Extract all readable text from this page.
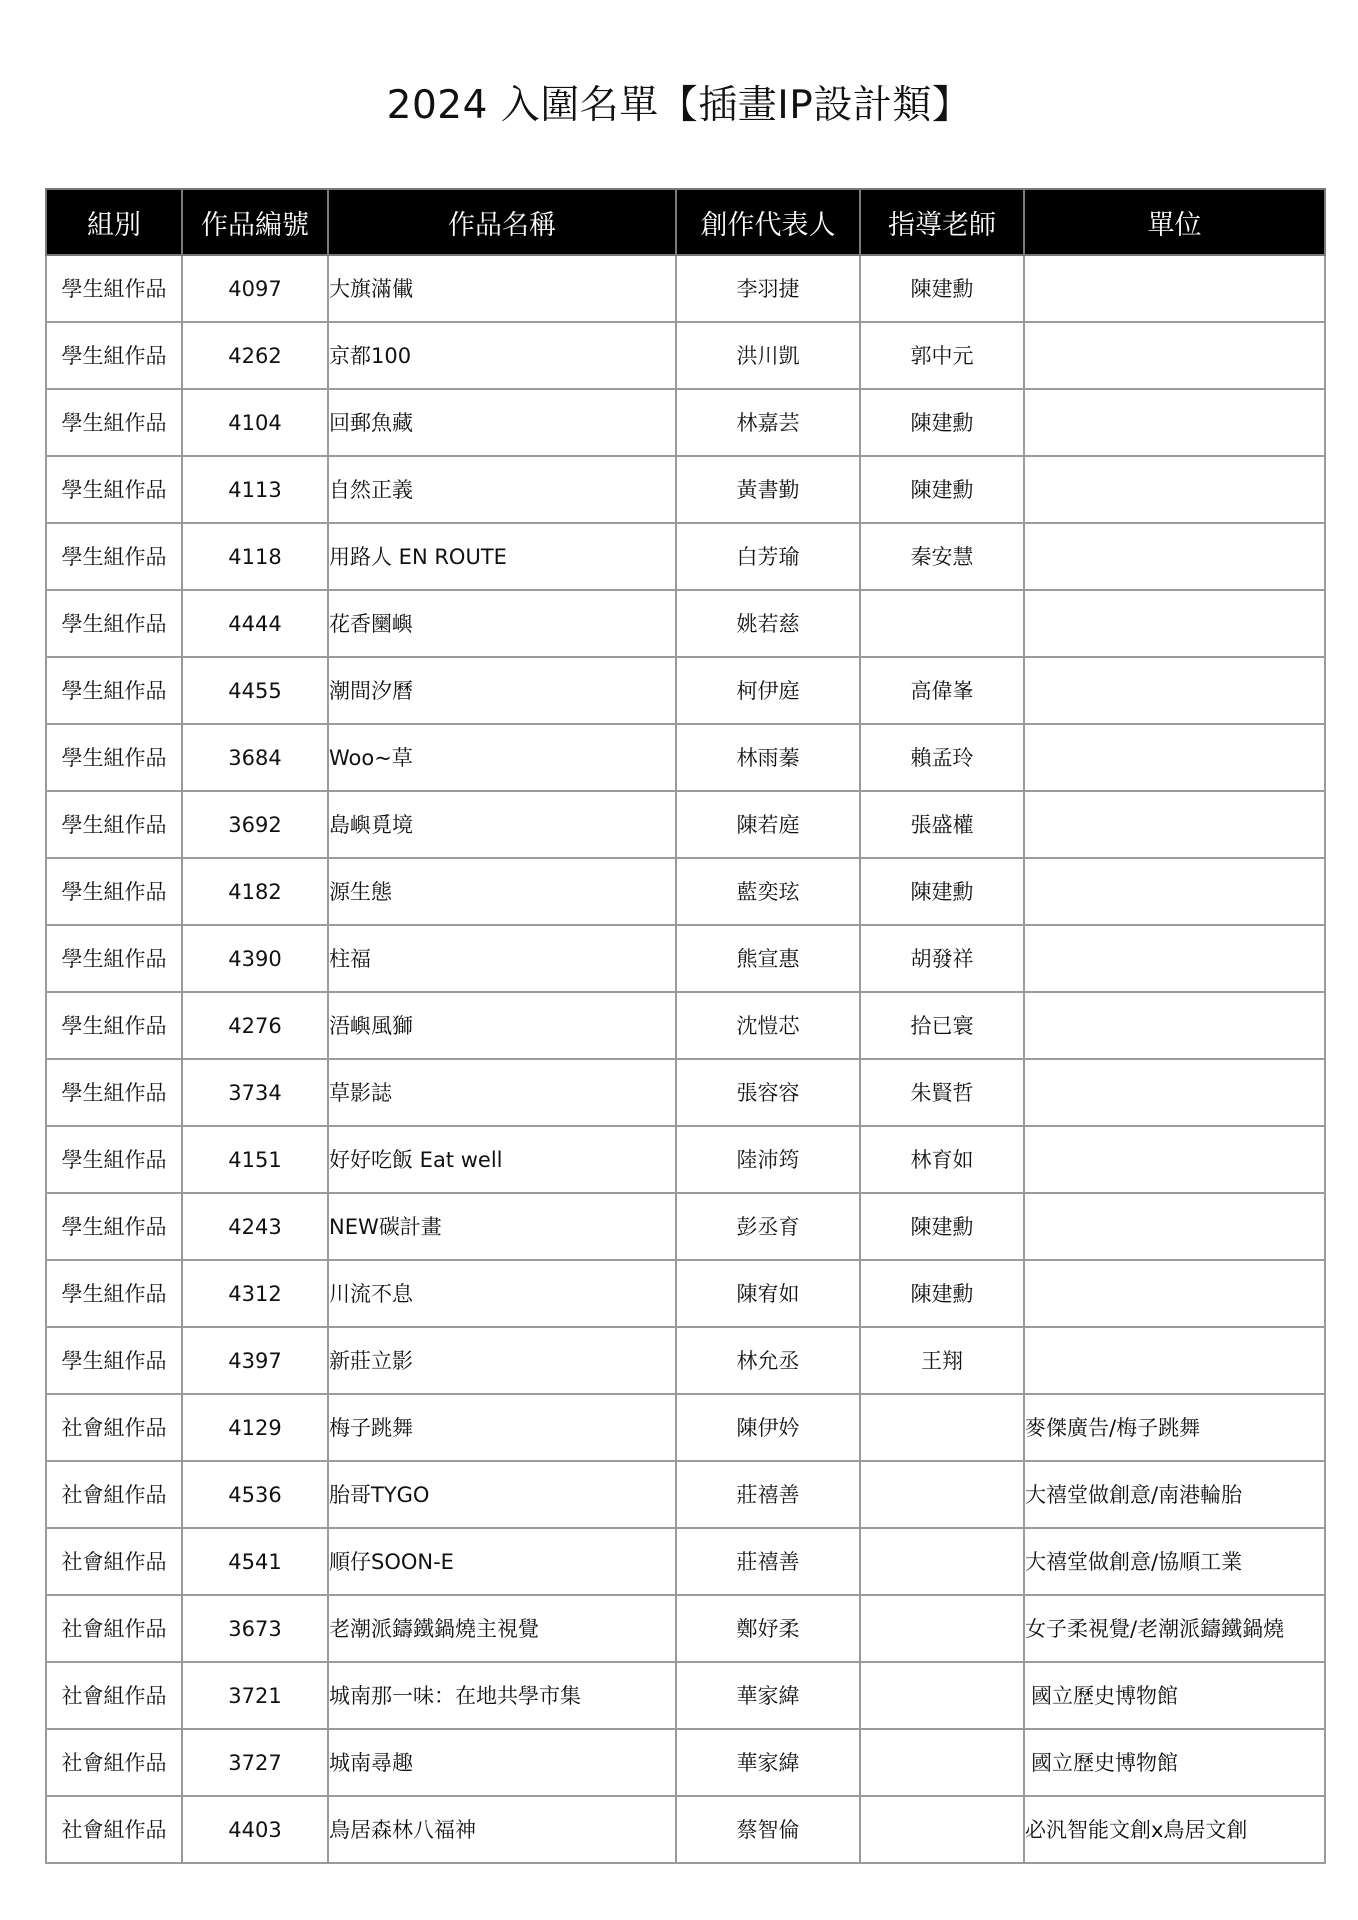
2024 入圍名單【插畫IP設計類】
組別	作品編號	作品名稱	創作代表人	指導老師	單位
學生組作品	4097	大旗滿儎	李羽捷	陳建勳	
學生組作品	4262	京都100	洪川凱	郭中元	
學生組作品	4104	回郵魚藏	林嘉芸	陳建勳	
學生組作品	4113	自然正義	黃書勤	陳建勳	
學生組作品	4118	用路人 EN ROUTE	白芳瑜	秦安慧	
學生組作品	4444	花香圞嶼	姚若慈		
學生組作品	4455	潮間汐曆	柯伊庭	高偉峯	
學生組作品	3684	Woo~草	林雨蓁	賴孟玲	
學生組作品	3692	島嶼覓境	陳若庭	張盛權	
學生組作品	4182	源生態	藍奕玹	陳建勳	
學生組作品	4390	柱福	熊宣惠	胡發祥	
學生組作品	4276	浯嶼風獅	沈愷芯	拾已寰	
學生組作品	3734	草影誌	張容容	朱賢哲	
學生組作品	4151	好好吃飯 Eat well	陸沛筠	林育如	
學生組作品	4243	NEW碳計畫	彭丞育	陳建勳	
學生組作品	4312	川流不息	陳宥如	陳建勳	
學生組作品	4397	新莊立影	林允丞	王翔	
社會組作品	4129	梅子跳舞	陳伊妗		麥傑廣告/梅子跳舞
社會組作品	4536	胎哥TYGO	莊禧善		大禧堂做創意/南港輪胎
社會組作品	4541	順仔SOON-E	莊禧善		大禧堂做創意/協順工業
社會組作品	3673	老潮派鑄鐵鍋燒主視覺	鄭妤柔		女子柔視覺/老潮派鑄鐵鍋燒
社會組作品	3721	城南那一味：在地共學市集	華家緯		國立歷史博物館
社會組作品	3727	城南尋趣	華家緯		國立歷史博物館
社會組作品	4403	鳥居森林八福神	蔡智倫		必汎智能文創x鳥居文創
